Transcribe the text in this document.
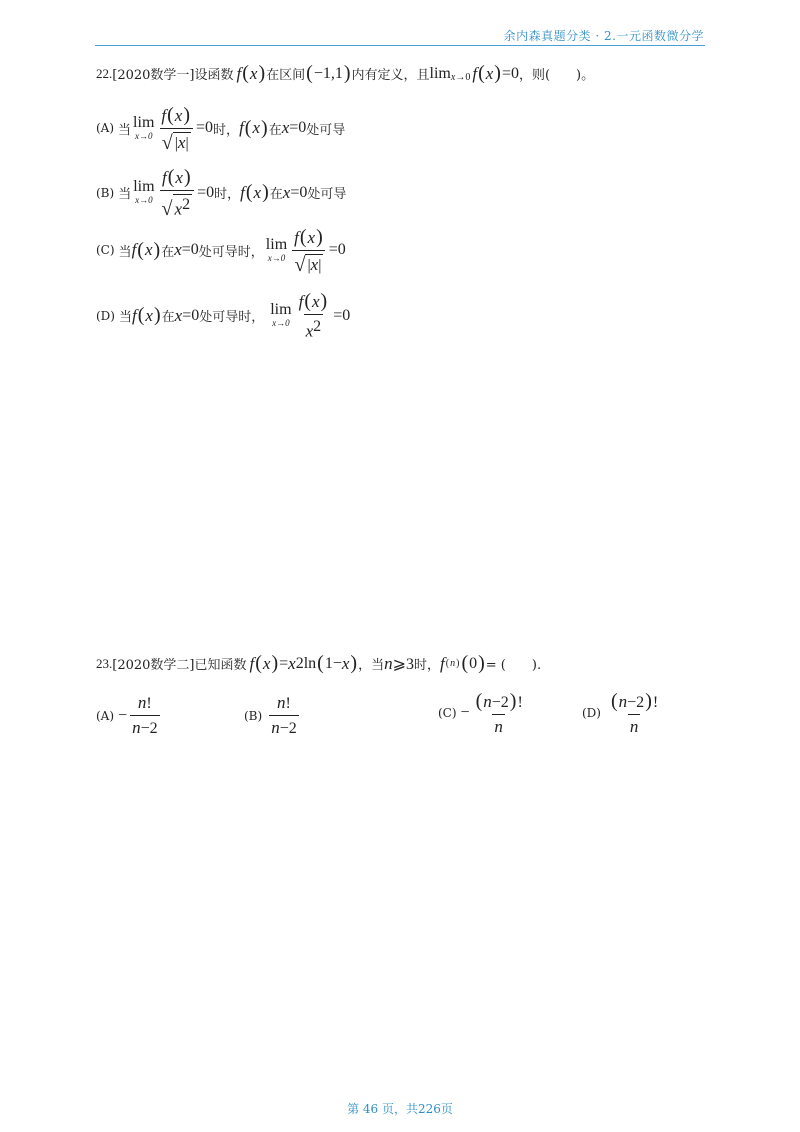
余内森真题分类 · 2.一元函数微分学
22. [2020数学一] 设函数 f ( x ) 在区间 ( −1,1 ) 内有定义，且 lim x →0 f ( x ) =0 ，则(　　)。
(A) 当 lim
$x\to 0 \frac{f(x)}{√ |x|} =0$ 时， f ( x ) 在 x =0 处可导
(B) 当 lim
$x\to 0 \frac{f(x)}{√ x^2} =0$ 时， f ( x ) 在 x =0 处可导
(C) 当 f ( x ) 在 x =0 处可导时， lim
$x\to 0 \frac{f(x)}{√ |x|} =0$
(D) 当 f ( x ) 在 x =0 处可导时， lim
$x\to 0 \frac{f(x)}{x^2} =0$
23. [2020数学二] 已知函数 f ( x ) = x 2 ln ( 1− x ) ，当 n ⩾3 时， f (n) ( 0 ) = (　　).
$(A) - \frac{n!}{n-2}$	$(B) \frac{n!}{n-2}$	$(C) - \frac{(n-2)!}{n}$	$(D) \frac{(n-2)!}{n}$
第 46 页，共226页
